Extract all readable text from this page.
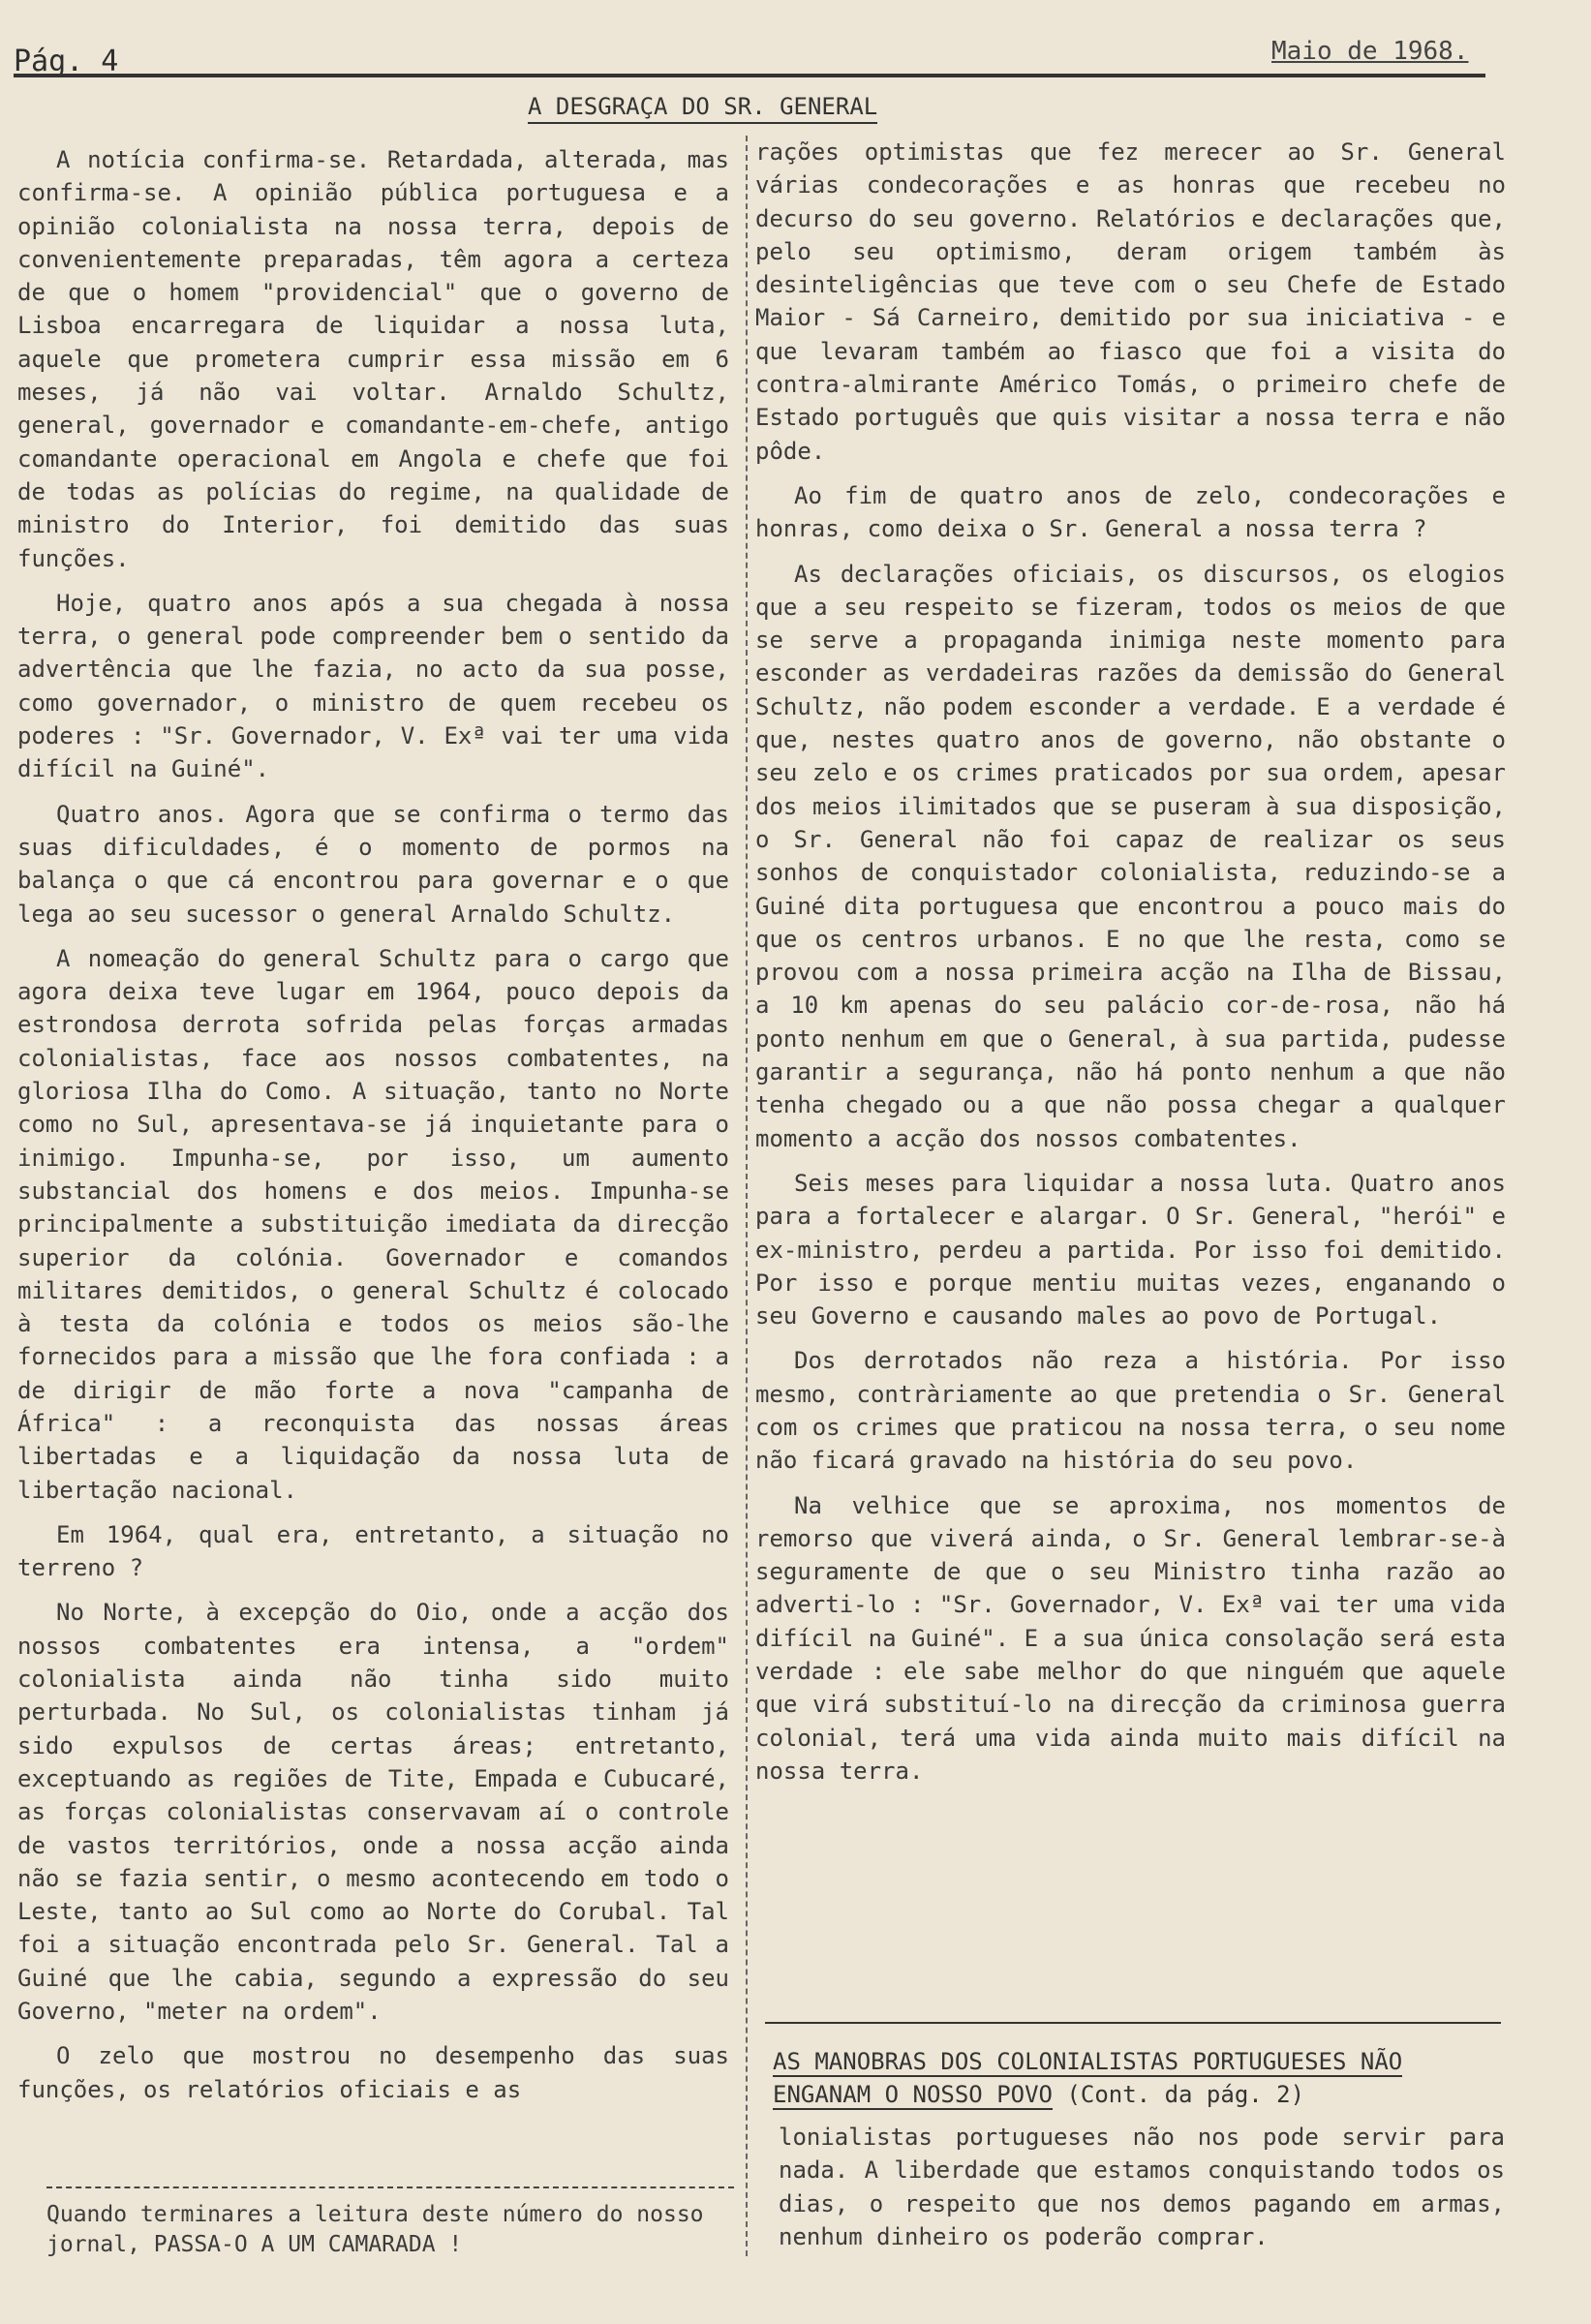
Pág. 4	Maio de 1968.
A DESGRAÇA DO SR. GENERAL

A notícia confirma-se. Retardada, alterada, mas confirma-se. A opinião pública portuguesa e a opinião colonialista na nossa terra, depois de convenientemente preparadas, têm agora a certeza de que o homem "providencial" que o governo de Lisboa encarregara de liquidar a nossa luta, aquele que prometera cumprir essa missão em 6 meses, já não vai voltar. Arnaldo Schultz, general, governador e comandante-em-chefe, antigo comandante operacional em Angola e chefe que foi de todas as polícias do regime, na qualidade de ministro do Interior, foi demitido das suas funções.

Hoje, quatro anos após a sua chegada à nossa terra, o general pode compreender bem o sentido da advertência que lhe fazia, no acto da sua posse, como governador, o ministro de quem recebeu os poderes : "Sr. Governador, V. Exª vai ter uma vida difícil na Guiné".

Quatro anos. Agora que se confirma o termo das suas dificuldades, é o momento de pormos na balança o que cá encontrou para governar e o que lega ao seu sucessor o general Arnaldo Schultz.

A nomeação do general Schultz para o cargo que agora deixa teve lugar em 1964, pouco depois da estrondosa derrota sofrida pelas forças armadas colonialistas, face aos nossos combatentes, na gloriosa Ilha do Como. A situação, tanto no Norte como no Sul, apresentava-se já inquietante para o inimigo. Impunha-se, por isso, um aumento substancial dos homens e dos meios. Impunha-se principalmente a substituição imediata da direcção superior da colónia. Governador e comandos militares demitidos, o general Schultz é colocado à testa da colónia e todos os meios são-lhe fornecidos para a missão que lhe fora confiada : a de dirigir de mão forte a nova "campanha de África" : a reconquista das nossas áreas libertadas e a liquidação da nossa luta de libertação nacional.

Em 1964, qual era, entretanto, a situação no terreno ?

No Norte, à excepção do Oio, onde a acção dos nossos combatentes era intensa, a "ordem" colonialista ainda não tinha sido muito perturbada. No Sul, os colonialistas tinham já sido expulsos de certas áreas; entretanto, exceptuando as regiões de Tite, Empada e Cubucaré, as forças colonialistas conservavam aí o controle de vastos territórios, onde a nossa acção ainda não se fazia sentir, o mesmo acontecendo em todo o Leste, tanto ao Sul como ao Norte do Corubal. Tal foi a situação encontrada pelo Sr. General. Tal a Guiné que lhe cabia, segundo a expressão do seu Governo, "meter na ordem".

O zelo que mostrou no desempenho das suas funções, os relatórios oficiais e as

rações optimistas que fez merecer ao Sr. General várias condecorações e as honras que recebeu no decurso do seu governo. Relatórios e declarações que, pelo seu optimismo, deram origem também às desinteligências que teve com o seu Chefe de Estado Maior - Sá Carneiro, demitido por sua iniciativa - e que levaram também ao fiasco que foi a visita do contra-almirante Américo Tomás, o primeiro chefe de Estado português que quis visitar a nossa terra e não pôde.

Ao fim de quatro anos de zelo, condecorações e honras, como deixa o Sr. General a nossa terra ?

As declarações oficiais, os discursos, os elogios que a seu respeito se fizeram, todos os meios de que se serve a propaganda inimiga neste momento para esconder as verdadeiras razões da demissão do General Schultz, não podem esconder a verdade. E a verdade é que, nestes quatro anos de governo, não obstante o seu zelo e os crimes praticados por sua ordem, apesar dos meios ilimitados que se puseram à sua disposição, o Sr. General não foi capaz de realizar os seus sonhos de conquistador colonialista, reduzindo-se a Guiné dita portuguesa que encontrou a pouco mais do que os centros urbanos. E no que lhe resta, como se provou com a nossa primeira acção na Ilha de Bissau, a 10 km apenas do seu palácio cor-de-rosa, não há ponto nenhum em que o General, à sua partida, pudesse garantir a segurança, não há ponto nenhum a que não tenha chegado ou a que não possa chegar a qualquer momento a acção dos nossos combatentes.

Seis meses para liquidar a nossa luta. Quatro anos para a fortalecer e alargar. O Sr. General, "herói" e ex-ministro, perdeu a partida. Por isso foi demitido. Por isso e porque mentiu muitas vezes, enganando o seu Governo e causando males ao povo de Portugal.

Dos derrotados não reza a história. Por isso mesmo, contràriamente ao que pretendia o Sr. General com os crimes que praticou na nossa terra, o seu nome não ficará gravado na história do seu povo.

Na velhice que se aproxima, nos momentos de remorso que viverá ainda, o Sr. General lembrar-se-à seguramente de que o seu Ministro tinha razão ao adverti-lo : "Sr. Governador, V. Exª vai ter uma vida difícil na Guiné". E a sua única consolação será esta verdade : ele sabe melhor do que ninguém que aquele que virá substituí-lo na direcção da criminosa guerra colonial, terá uma vida ainda muito mais difícil na nossa terra.

Quando terminares a leitura deste número do nosso jornal, PASSA-O A UM CAMARADA !
AS MANOBRAS DOS COLONIALISTAS PORTUGUESES NÃO ENGANAM O NOSSO POVO (Cont. da pág. 2)
lonialistas portugueses não nos pode servir para nada. A liberdade que estamos conquistando todos os dias, o respeito que nos demos pagando em armas, nenhum dinheiro os poderão comprar.
